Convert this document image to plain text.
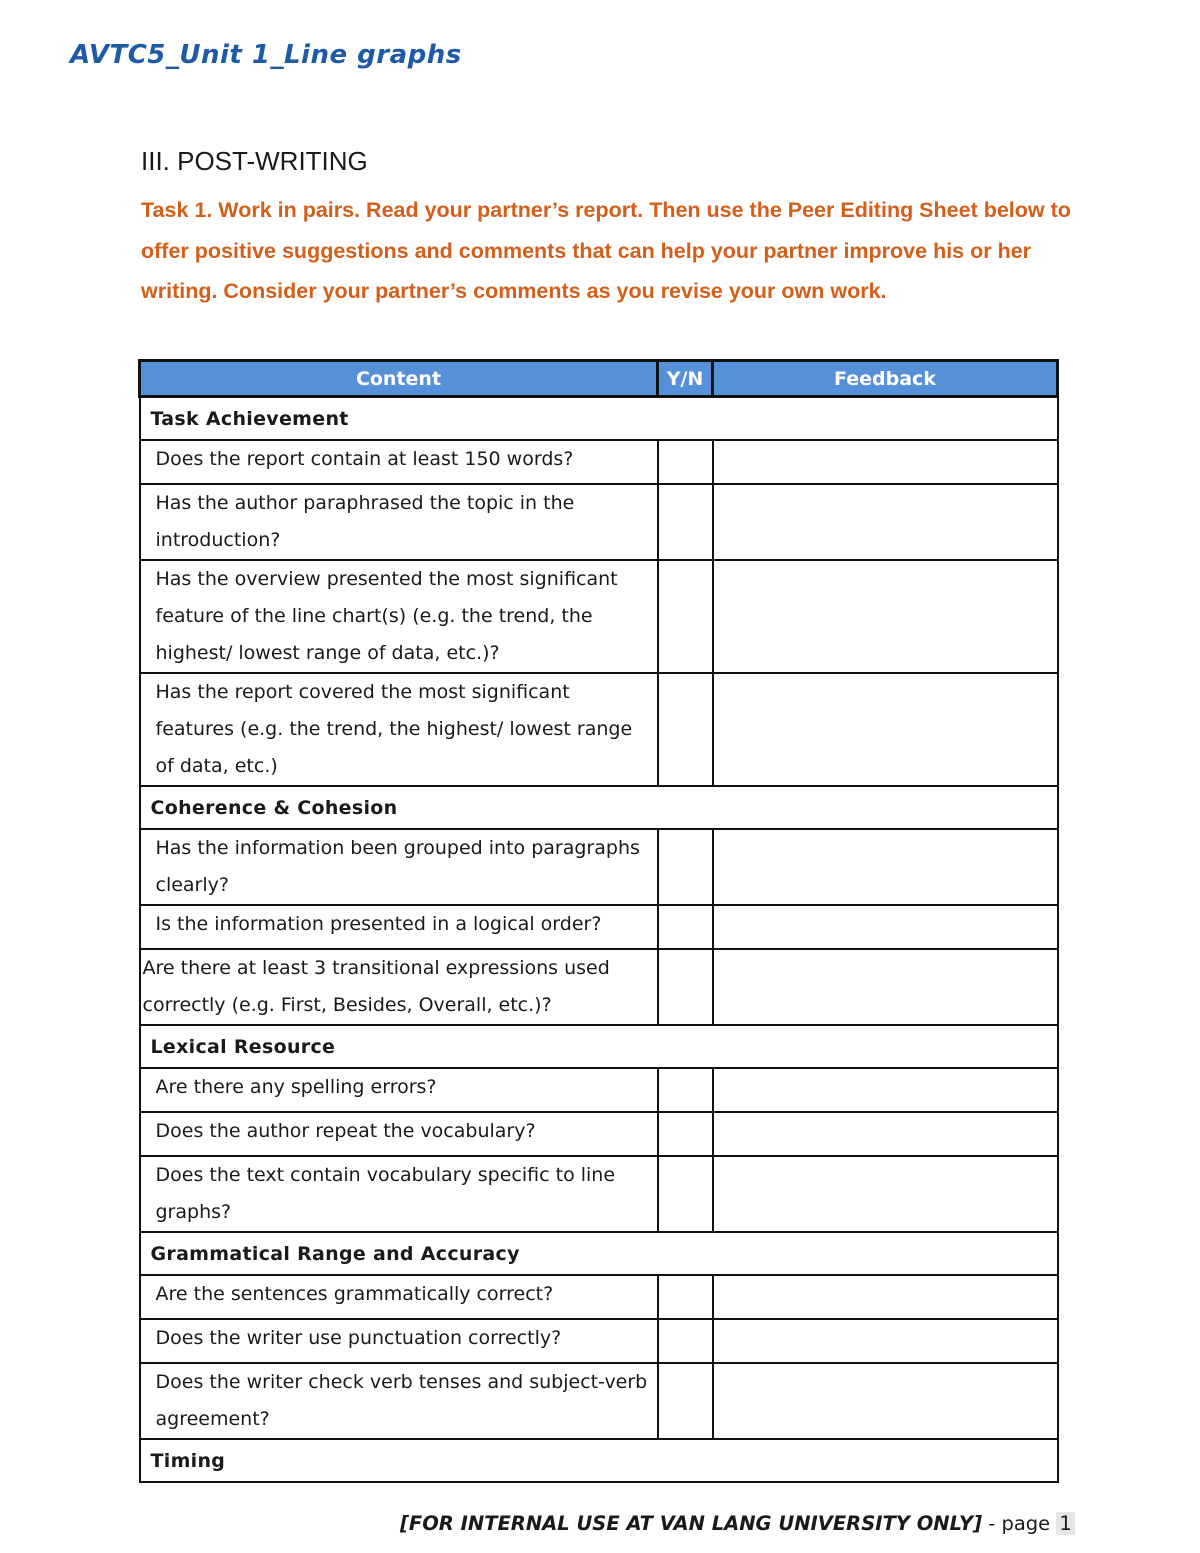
AVTC5_Unit 1_Line graphs
III. POST-WRITING
Task 1. Work in pairs. Read your partner’s report. Then use the Peer Editing Sheet below to offer positive suggestions and comments that can help your partner improve his or her writing. Consider your partner’s comments as you revise your own work.
Content	Y/N	Feedback
Task Achievement		
Does the report contain at least 150 words?		
Has the author paraphrased the topic in the introduction?		
Has the overview presented the most significant feature of the line chart(s) (e.g. the trend, the highest/ lowest range of data, etc.)?		
Has the report covered the most significant features (e.g. the trend, the highest/ lowest range of data, etc.)		
Coherence & Cohesion		
Has the information been grouped into paragraphs clearly?		
Is the information presented in a logical order?		
Are there at least 3 transitional expressions used correctly (e.g. First, Besides, Overall, etc.)?		
Lexical Resource		
Are there any spelling errors?		
Does the author repeat the vocabulary?		
Does the text contain vocabulary specific to line graphs?		
Grammatical Range and Accuracy		
Are the sentences grammatically correct?		
Does the writer use punctuation correctly?		
Does the writer check verb tenses and subject-verb agreement?		
Timing		
[FOR INTERNAL USE AT VAN LANG UNIVERSITY ONLY] - page 1
